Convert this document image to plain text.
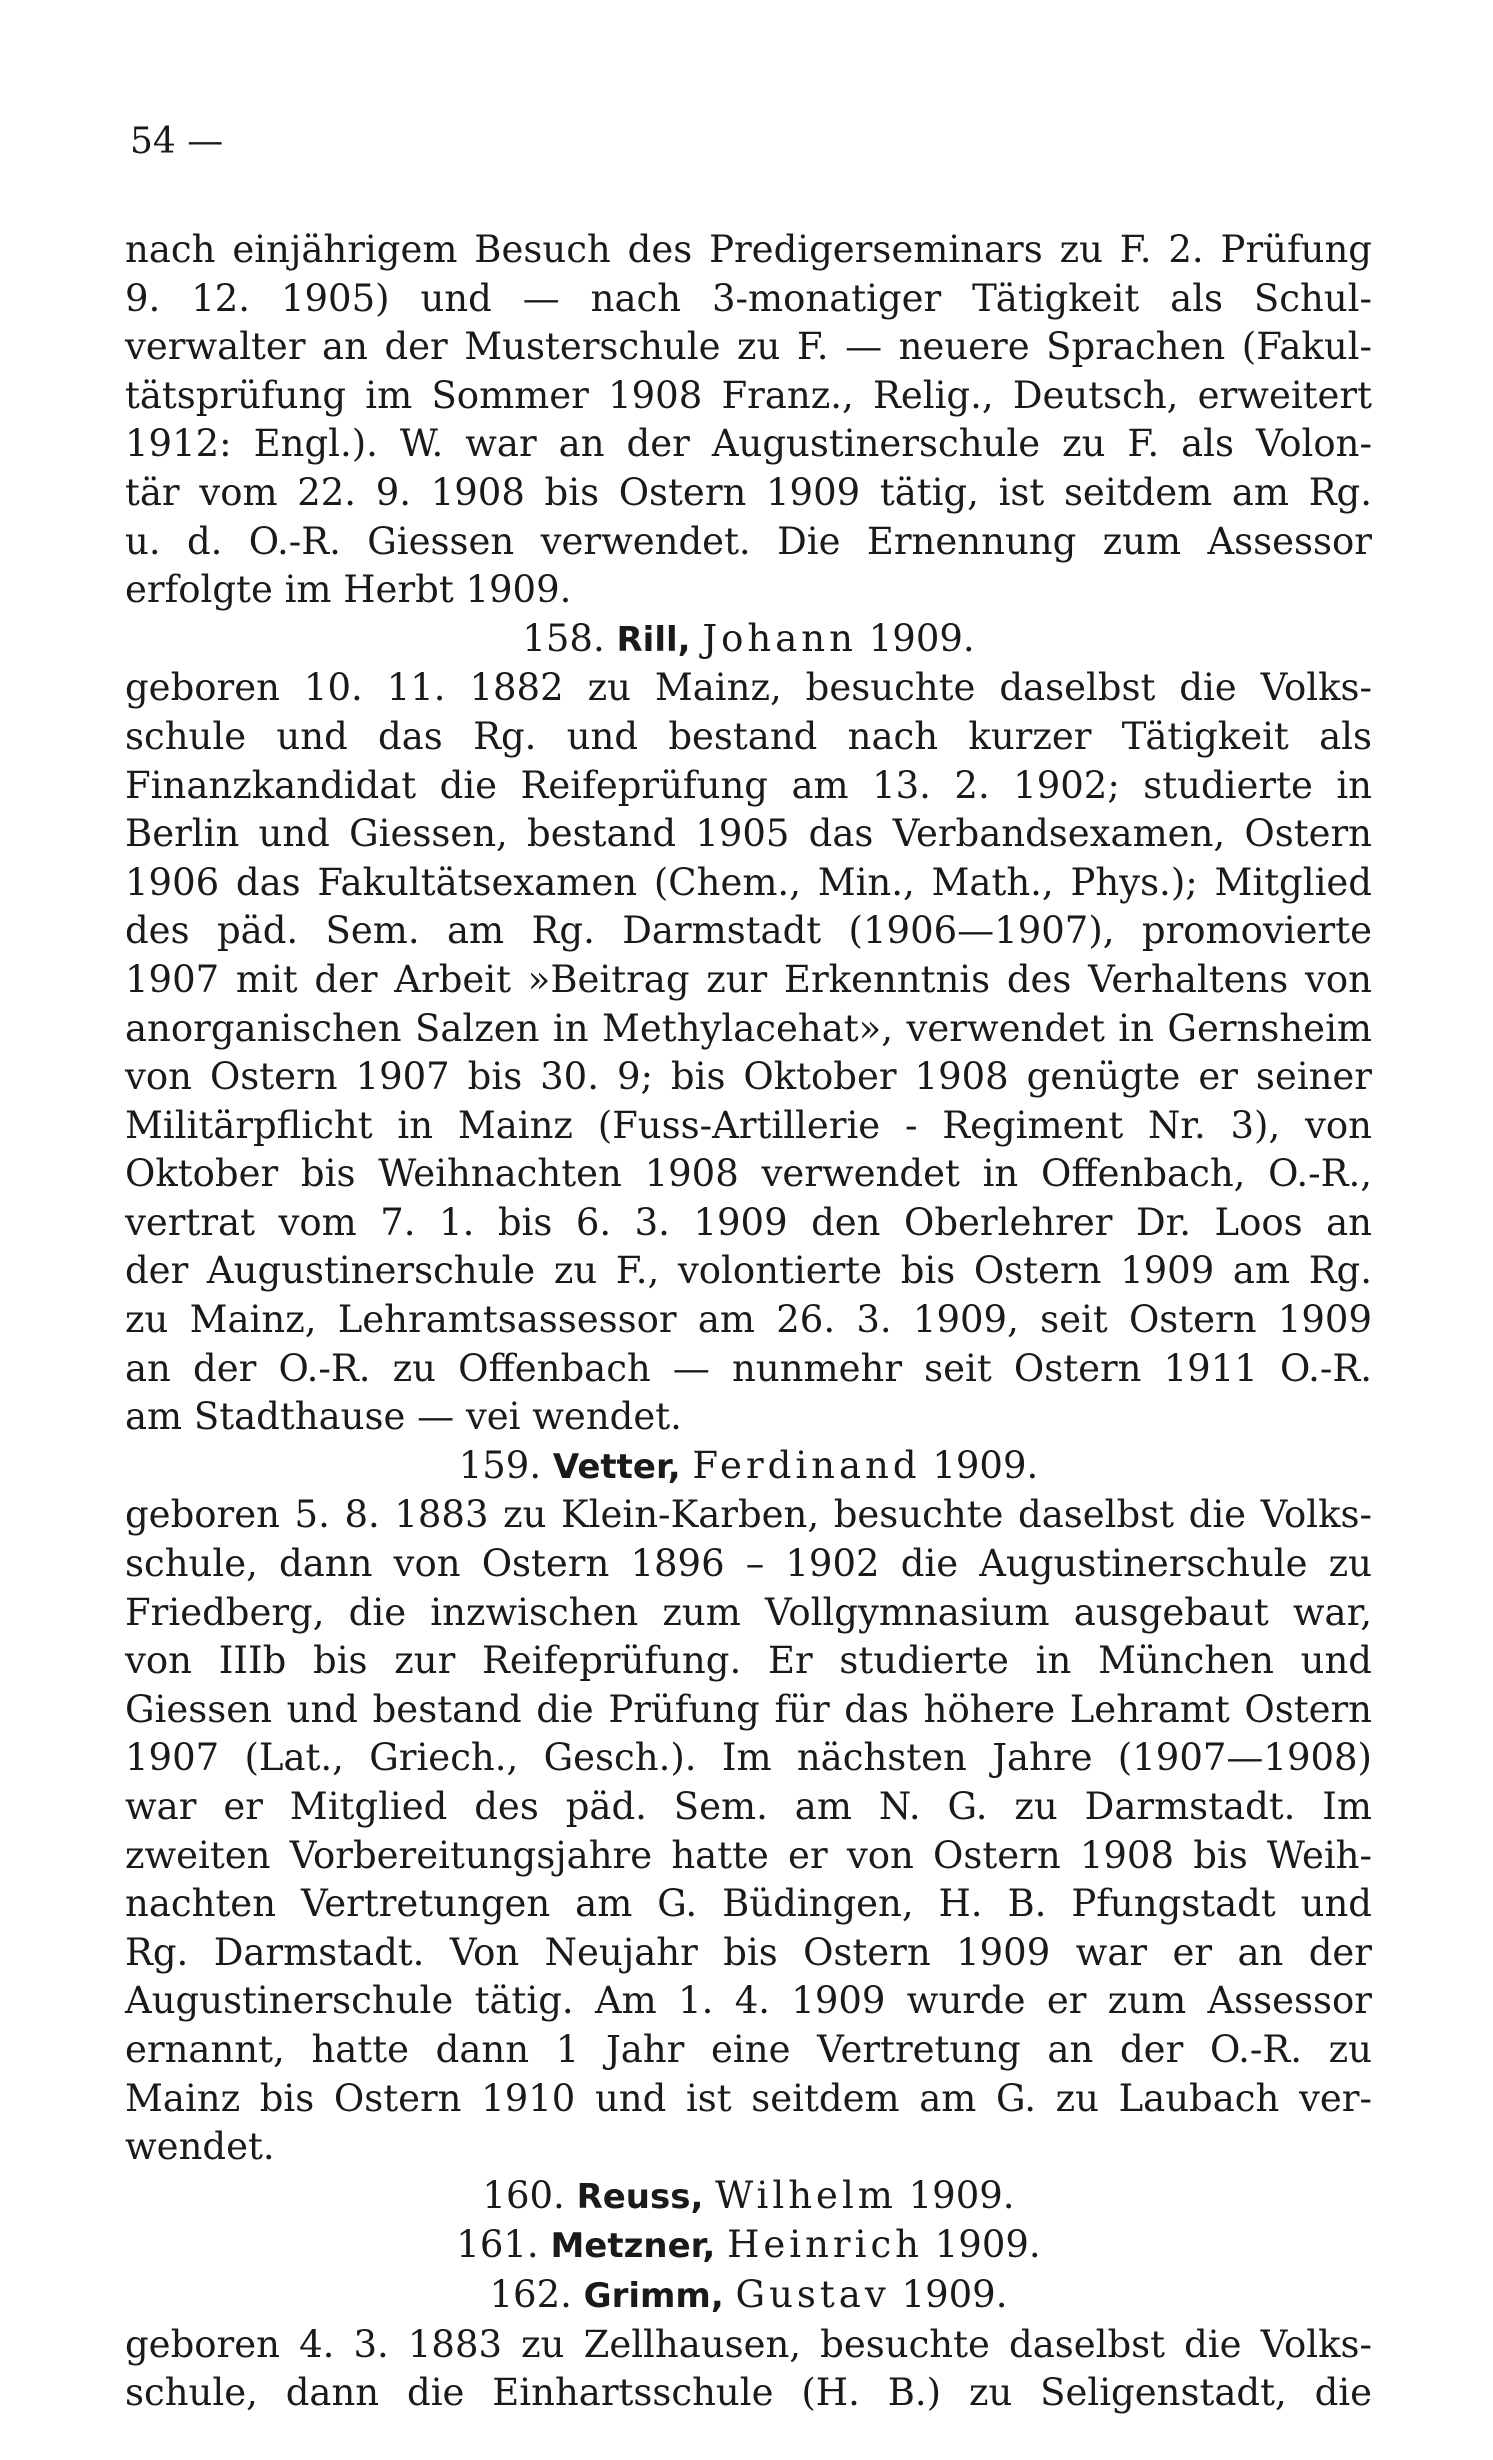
54 —
nach einjährigem Besuch des Predigerseminars zu F. 2. Prüfung
9. 12. 1905) und — nach 3-monatiger Tätigkeit als Schul-
verwalter an der Musterschule zu F. — neuere Sprachen (Fakul-
tätsprüfung im Sommer 1908 Franz., Relig., Deutsch, erweitert
1912: Engl.). W. war an der Augustinerschule zu F. als Volon-
tär vom 22. 9. 1908 bis Ostern 1909 tätig, ist seitdem am Rg.
u. d. O.-R. Giessen verwendet. Die Ernennung zum Assessor
erfolgte im Herbt 1909.
158. Rill, Johann 1909.
geboren 10. 11. 1882 zu Mainz, besuchte daselbst die Volks-
schule und das Rg. und bestand nach kurzer Tätigkeit als
Finanzkandidat die Reifeprüfung am 13. 2. 1902; studierte in
Berlin und Giessen, bestand 1905 das Verbandsexamen, Ostern
1906 das Fakultätsexamen (Chem., Min., Math., Phys.); Mitglied
des päd. Sem. am Rg. Darmstadt (1906—1907), promovierte
1907 mit der Arbeit »Beitrag zur Erkenntnis des Verhaltens von
anorganischen Salzen in Methylacehat», verwendet in Gernsheim
von Ostern 1907 bis 30. 9; bis Oktober 1908 genügte er seiner
Militärpflicht in Mainz (Fuss-Artillerie - Regiment Nr. 3), von
Oktober bis Weihnachten 1908 verwendet in Offenbach, O.-R.,
vertrat vom 7. 1. bis 6. 3. 1909 den Oberlehrer Dr. Loos an
der Augustinerschule zu F., volontierte bis Ostern 1909 am Rg.
zu Mainz, Lehramtsassessor am 26. 3. 1909, seit Ostern 1909
an der O.-R. zu Offenbach — nunmehr seit Ostern 1911 O.-R.
am Stadthause — vei wendet.
159. Vetter, Ferdinand 1909.
geboren 5. 8. 1883 zu Klein-Karben, besuchte daselbst die Volks-
schule, dann von Ostern 1896 – 1902 die Augustinerschule zu
Friedberg, die inzwischen zum Vollgymnasium ausgebaut war,
von IIIb bis zur Reifeprüfung. Er studierte in München und
Giessen und bestand die Prüfung für das höhere Lehramt Ostern
1907 (Lat., Griech., Gesch.). Im nächsten Jahre (1907—1908)
war er Mitglied des päd. Sem. am N. G. zu Darmstadt. Im
zweiten Vorbereitungsjahre hatte er von Ostern 1908 bis Weih-
nachten Vertretungen am G. Büdingen, H. B. Pfungstadt und
Rg. Darmstadt. Von Neujahr bis Ostern 1909 war er an der
Augustinerschule tätig. Am 1. 4. 1909 wurde er zum Assessor
ernannt, hatte dann 1 Jahr eine Vertretung an der O.-R. zu
Mainz bis Ostern 1910 und ist seitdem am G. zu Laubach ver-
wendet.
160. Reuss, Wilhelm 1909.
161. Metzner, Heinrich 1909.
162. Grimm, Gustav 1909.
geboren 4. 3. 1883 zu Zellhausen, besuchte daselbst die Volks-
schule, dann die Einhartsschule (H. B.) zu Seligenstadt, die
